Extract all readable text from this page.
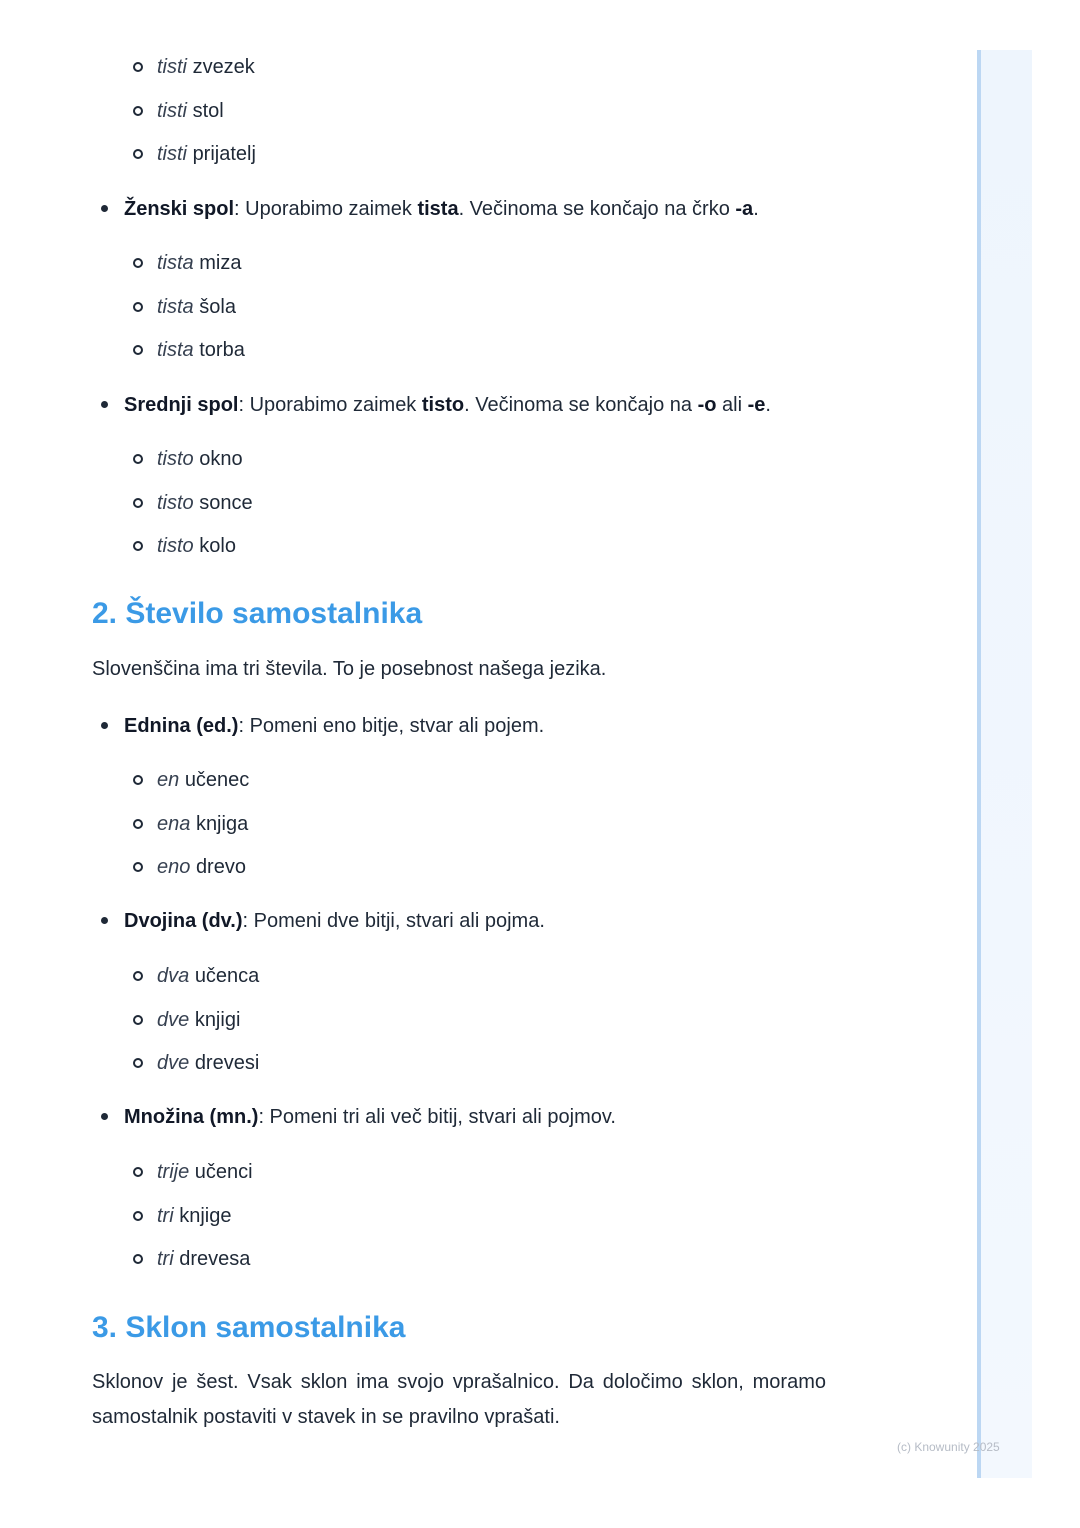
tisti zvezek
tisti stol
tisti prijatelj
Ženski spol: Uporabimo zaimek tista. Večinoma se končajo na črko -a.
tista miza
tista šola
tista torba
Srednji spol: Uporabimo zaimek tisto. Večinoma se končajo na -o ali -e.
tisto okno
tisto sonce
tisto kolo
2. Število samostalnika

Slovenščina ima tri števila. To je posebnost našega jezika.

Ednina (ed.): Pomeni eno bitje, stvar ali pojem.
en učenec
ena knjiga
eno drevo
Dvojina (dv.): Pomeni dve bitji, stvari ali pojma.
dva učenca
dve knjigi
dve drevesi
Množina (mn.): Pomeni tri ali več bitij, stvari ali pojmov.
trije učenci
tri knjige
tri drevesa
3. Sklon samostalnika

Sklonov je šest. Vsak sklon ima svojo vprašalnico. Da določimo sklon, moramo samostalnik postaviti v stavek in se pravilno vprašati.

(c) Knowunity 2025
